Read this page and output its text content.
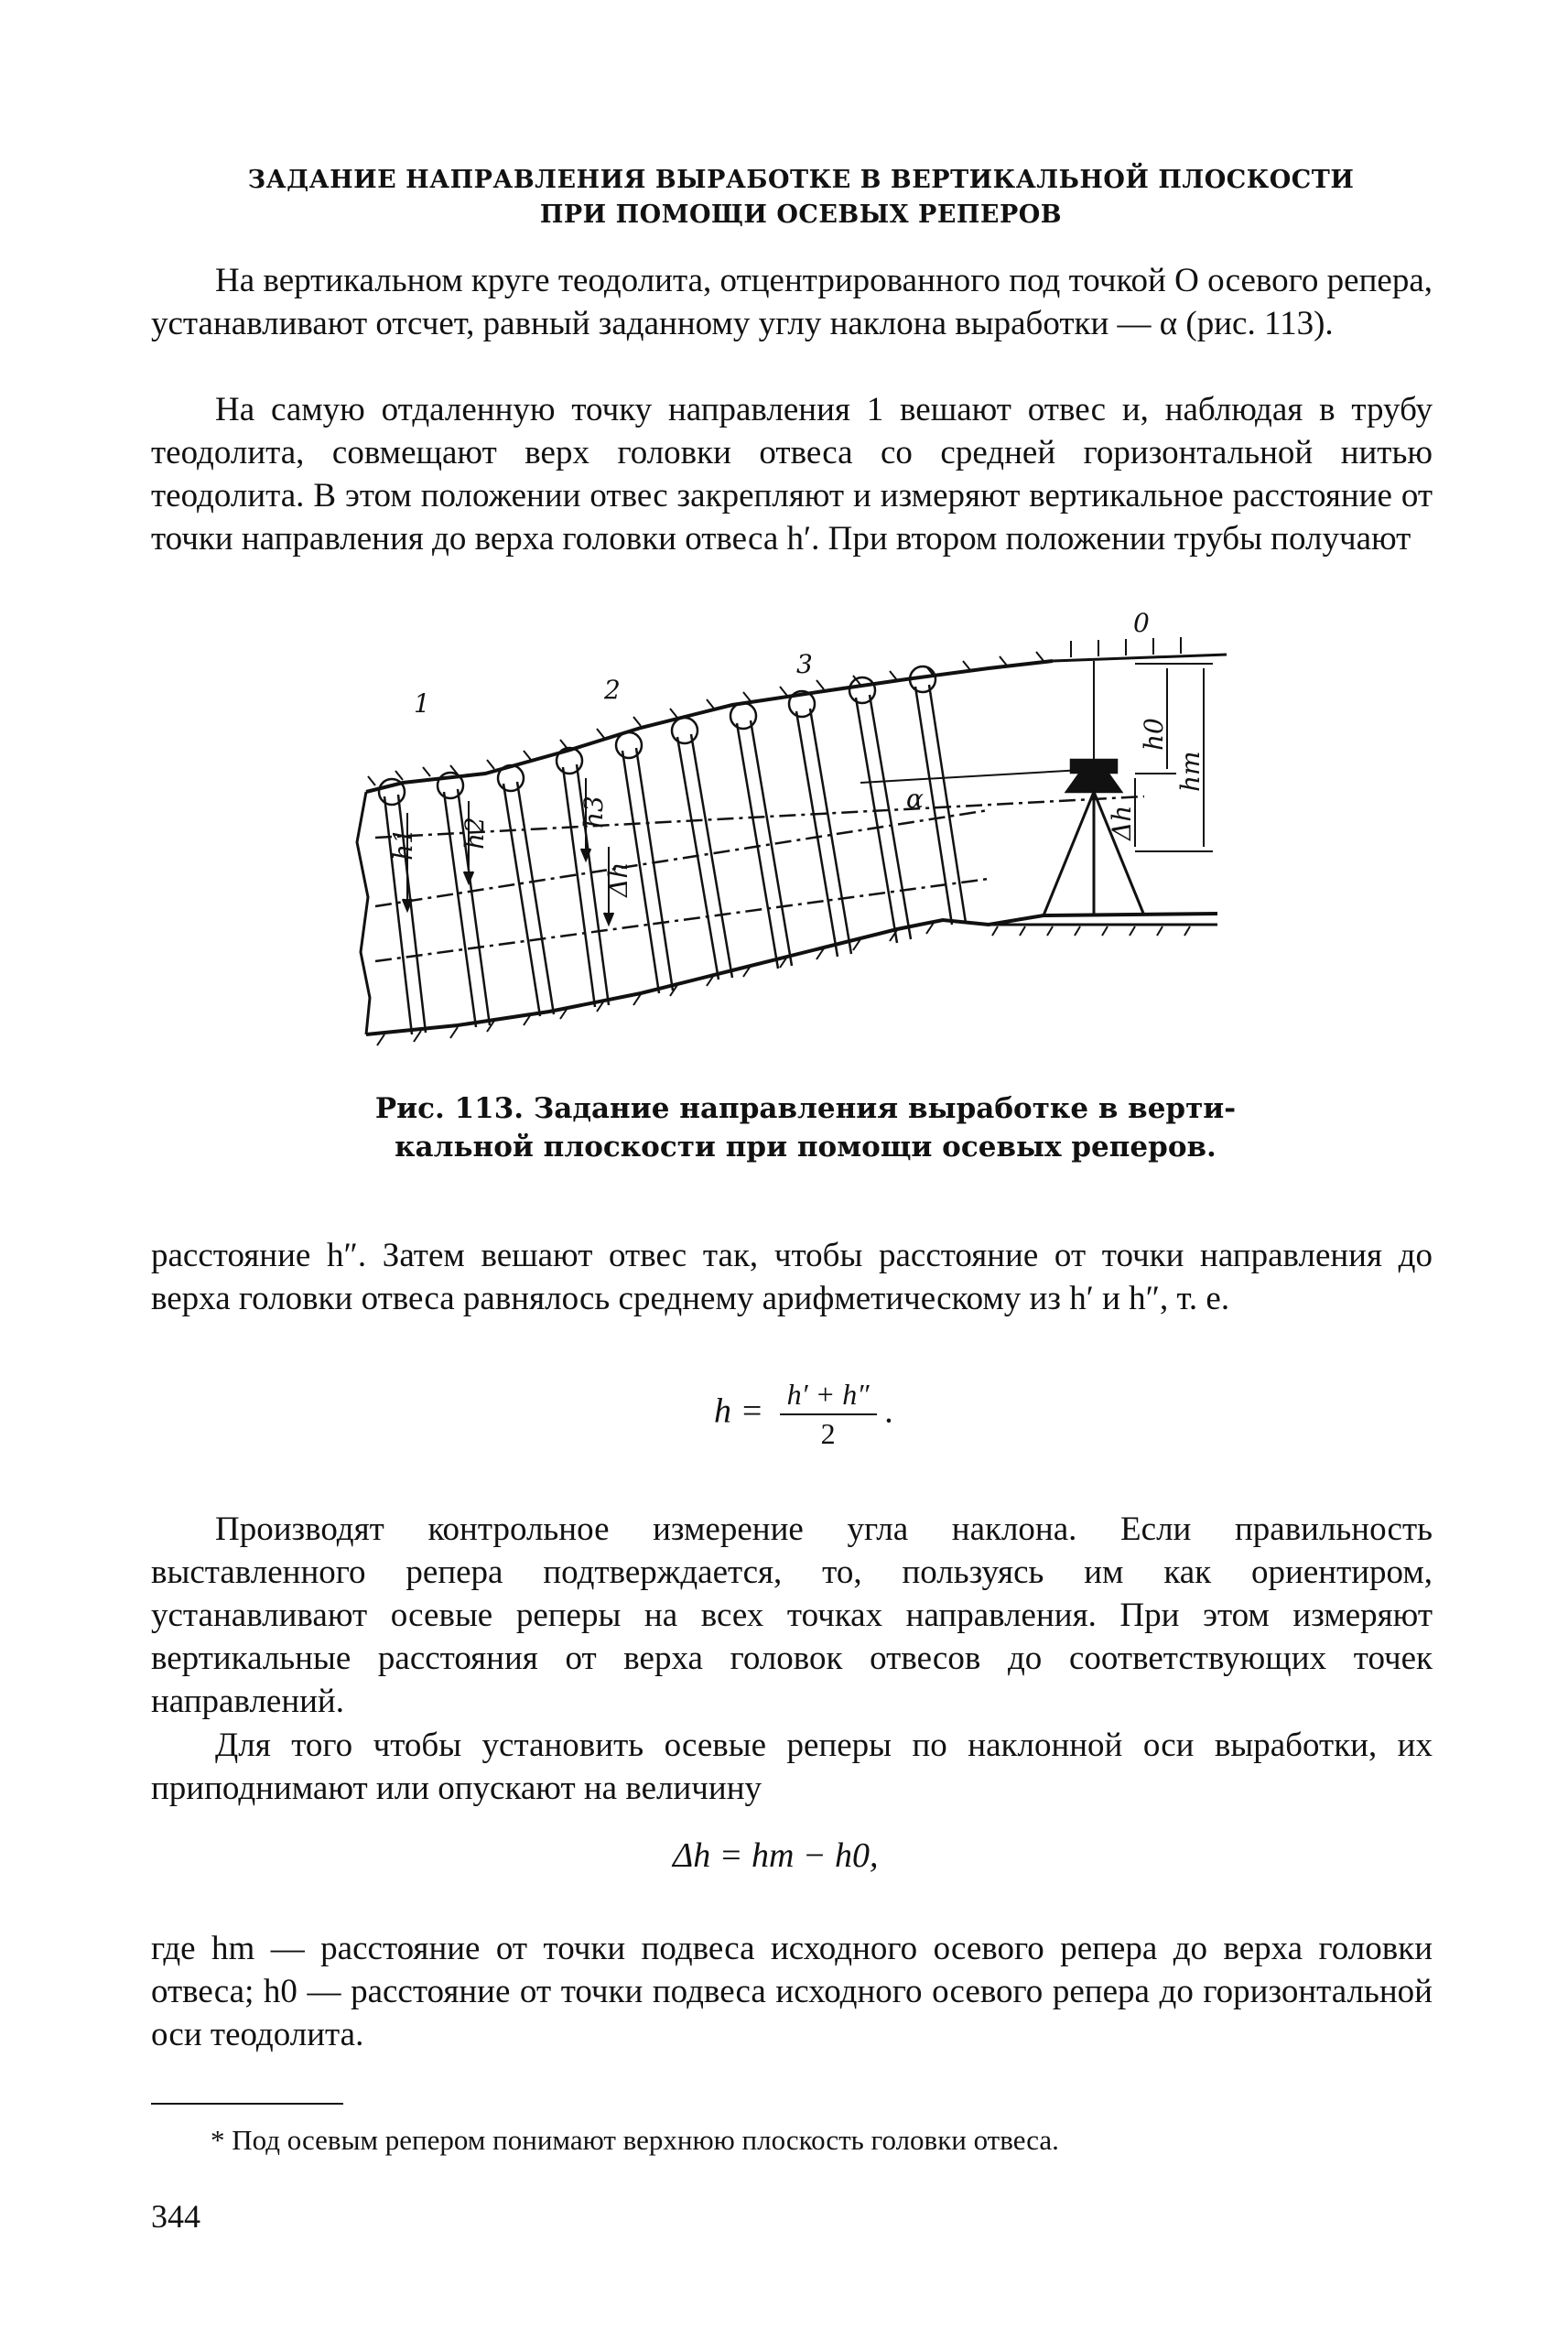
ЗАДАНИЕ НАПРАВЛЕНИЯ ВЫРАБОТКЕ В ВЕРТИКАЛЬНОЙ ПЛОСКОСТИ
ПРИ ПОМОЩИ ОСЕВЫХ РЕПЕРОВ
На вертикальном круге теодолита, отцентрированного под точкой О осевого репера, устанавливают отсчет, равный заданному углу наклона выработки — α (рис. 113).
На самую отдаленную точку направления 1 вешают отвес и, наблюдая в трубу теодолита, совмещают верх головки отвеса со средней горизонтальной нитью теодолита. В этом положении отвес закрепляют и измеряют вертикальное расстояние от точки направления до верха головки отвеса h′. При втором положении трубы получают
0
1	2
3
h1 h2
h3
Δh
α
h0
hm
Δh
Рис. 113. Задание направления выработке в верти-
кальной плоскости при помощи осевых реперов.
расстояние h″. Затем вешают отвес так, чтобы расстояние от точки направления до верха головки отвеса равнялось среднему арифметическому из h′ и h″, т. е.
$h = \frac{h' + h''}{2}$ .
Производят контрольное измерение угла наклона. Если правильность выставленного репера подтверждается, то, пользуясь им как ориентиром, устанавливают осевые реперы на всех точках направления. При этом измеряют вертикальные расстояния от верха головок отвесов до соответствующих точек направлений.
Для того чтобы установить осевые реперы по наклонной оси выработки, их приподнимают или опускают на величину
Δh = hm − h0,
где hm — расстояние от точки подвеса исходного осевого репера до верха головки отвеса; h0 — расстояние от точки подвеса исходного осевого репера до горизонтальной оси теодолита.
* Под осевым репером понимают верхнюю плоскость головки отвеса.
344
